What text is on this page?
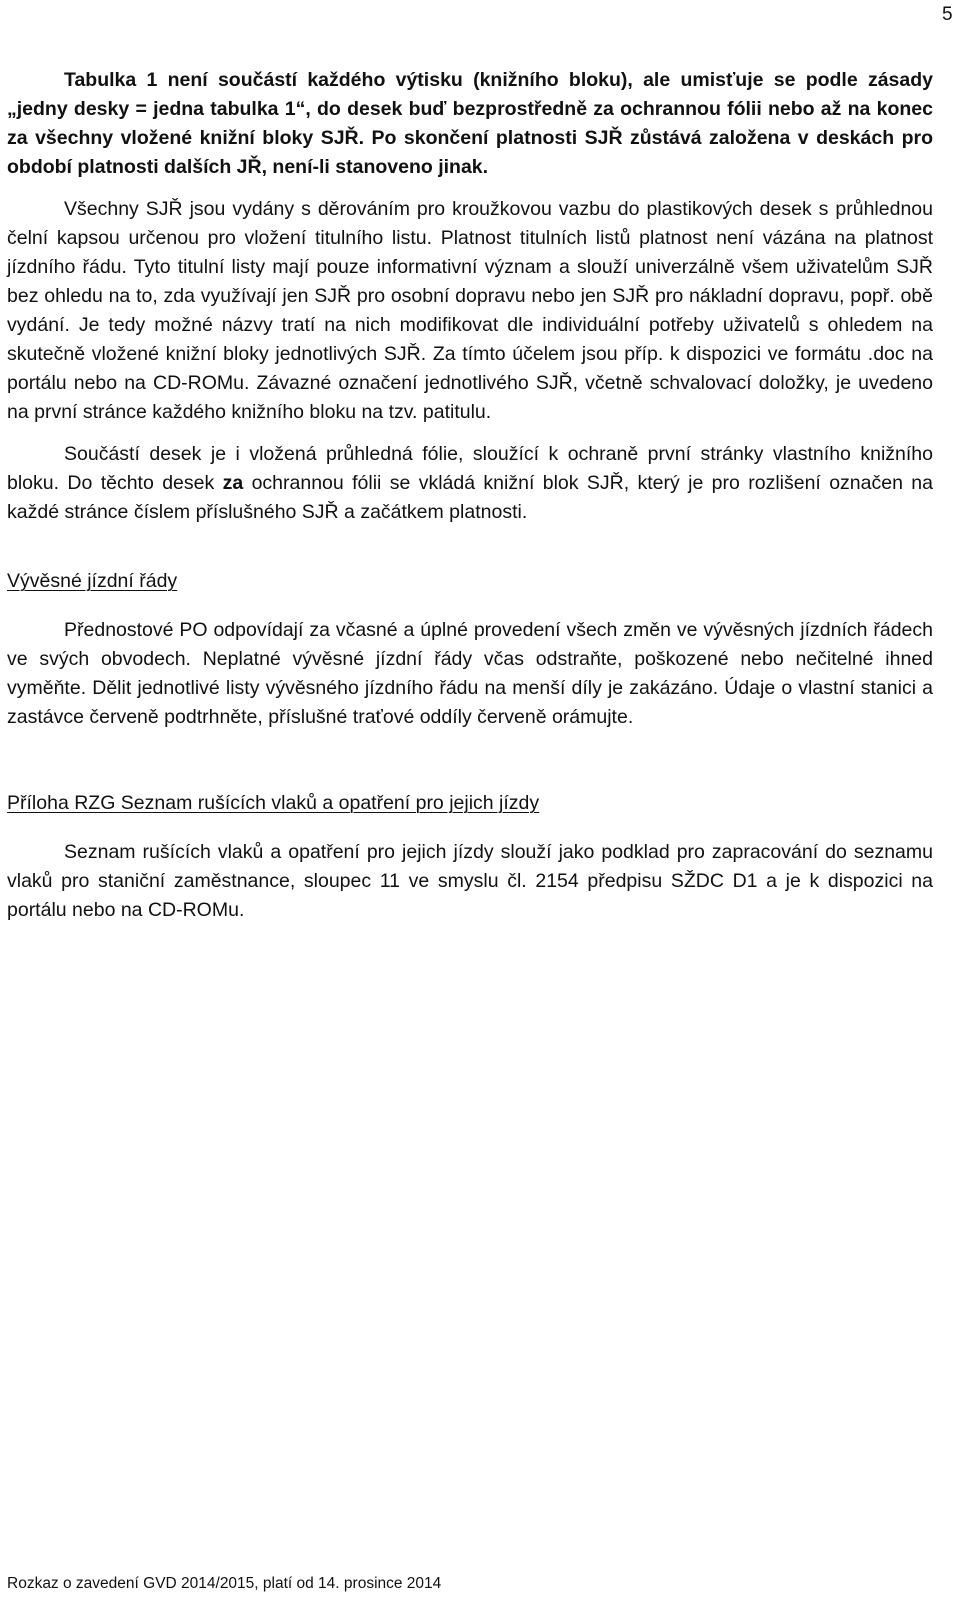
5

Tabulka 1 není součástí každého výtisku (knižního bloku), ale umisťuje se podle zásady „jedny desky = jedna tabulka 1“, do desek buď bezprostředně za ochrannou fólii nebo až na konec za všechny vložené knižní bloky SJŘ. Po skončení platnosti SJŘ zůstává založena v deskách pro období platnosti dalších JŘ, není-li stanoveno jinak.

Všechny SJŘ jsou vydány s děrováním pro kroužkovou vazbu do plastikových desek s průhlednou čelní kapsou určenou pro vložení titulního listu. Platnost titulních listů platnost není vázána na platnost jízdního řádu. Tyto titulní listy mají pouze informativní význam a slouží univerzálně všem uživatelům SJŘ bez ohledu na to, zda využívají jen SJŘ pro osobní dopravu nebo jen SJŘ pro nákladní dopravu, popř. obě vydání. Je tedy možné názvy tratí na nich modifikovat dle individuální potřeby uživatelů s ohledem na skutečně vložené knižní bloky jednotlivých SJŘ. Za tímto účelem jsou příp. k dispozici ve formátu .doc na portálu nebo na CD-ROMu. Závazné označení jednotlivého SJŘ, včetně schvalovací doložky, je uvedeno na první stránce každého knižního bloku na tzv. patitulu.

Součástí desek je i vložená průhledná fólie, sloužící k ochraně první stránky vlastního knižního bloku. Do těchto desek za ochrannou fólii se vkládá knižní blok SJŘ, který je pro rozlišení označen na každé stránce číslem příslušného SJŘ a začátkem platnosti.

Vývěsné jízdní řády

Přednostové PO odpovídají za včasné a úplné provedení všech změn ve vývěsných jízdních řádech ve svých obvodech. Neplatné vývěsné jízdní řády včas odstraňte, poškozené nebo nečitelné ihned vyměňte. Dělit jednotlivé listy vývěsného jízdního řádu na menší díly je zakázáno. Údaje o vlastní stanici a zastávce červeně podtrhněte, příslušné traťové oddíly červeně orámujte.

Příloha RZG Seznam rušících vlaků a opatření pro jejich jízdy

Seznam rušících vlaků a opatření pro jejich jízdy slouží jako podklad pro zapracování do seznamu vlaků pro staniční zaměstnance, sloupec 11 ve smyslu čl. 2154 předpisu SŽDC D1 a je k dispozici na portálu nebo na CD-ROMu.

Rozkaz o zavedení GVD 2014/2015, platí od 14. prosince 2014
